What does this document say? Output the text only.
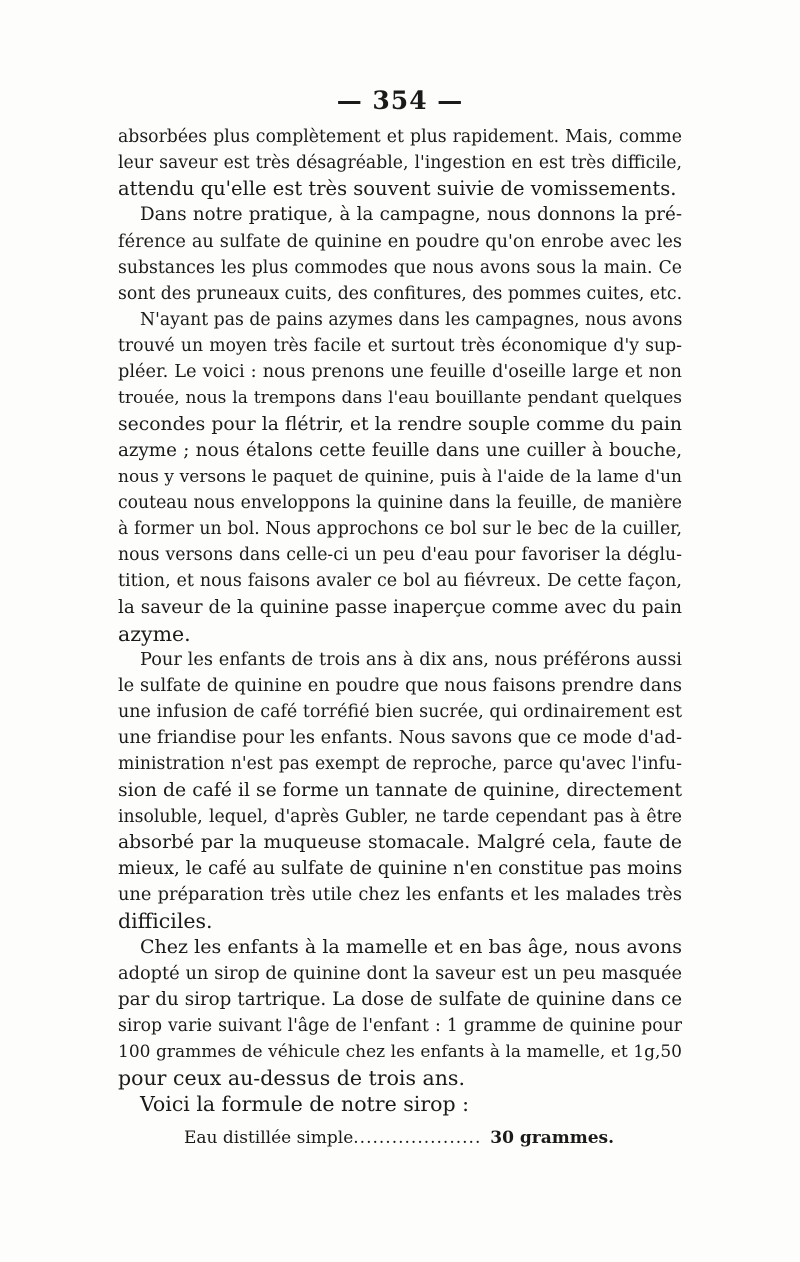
— 354 —
absorbées plus complètement et plus rapidement. Mais, comme
leur saveur est très désagréable, l'ingestion en est très difficile,
attendu qu'elle est très souvent suivie de vomissements.
Dans notre pratique, à la campagne, nous donnons la pré-
férence au sulfate de quinine en poudre qu'on enrobe avec les
substances les plus commodes que nous avons sous la main. Ce
sont des pruneaux cuits, des confitures, des pommes cuites, etc.
N'ayant pas de pains azymes dans les campagnes, nous avons
trouvé un moyen très facile et surtout très économique d'y sup-
pléer. Le voici : nous prenons une feuille d'oseille large et non
trouée, nous la trempons dans l'eau bouillante pendant quelques
secondes pour la flétrir, et la rendre souple comme du pain
azyme ; nous étalons cette feuille dans une cuiller à bouche,
nous y versons le paquet de quinine, puis à l'aide de la lame d'un
couteau nous enveloppons la quinine dans la feuille, de manière
à former un bol. Nous approchons ce bol sur le bec de la cuiller,
nous versons dans celle-ci un peu d'eau pour favoriser la déglu-
tition, et nous faisons avaler ce bol au fiévreux. De cette façon,
la saveur de la quinine passe inaperçue comme avec du pain
azyme.
Pour les enfants de trois ans à dix ans, nous préférons aussi
le sulfate de quinine en poudre que nous faisons prendre dans
une infusion de café torréfié bien sucrée, qui ordinairement est
une friandise pour les enfants. Nous savons que ce mode d'ad-
ministration n'est pas exempt de reproche, parce qu'avec l'infu-
sion de café il se forme un tannate de quinine, directement
insoluble, lequel, d'après Gubler, ne tarde cependant pas à être
absorbé par la muqueuse stomacale. Malgré cela, faute de
mieux, le café au sulfate de quinine n'en constitue pas moins
une préparation très utile chez les enfants et les malades très
difficiles.
Chez les enfants à la mamelle et en bas âge, nous avons
adopté un sirop de quinine dont la saveur est un peu masquée
par du sirop tartrique. La dose de sulfate de quinine dans ce
sirop varie suivant l'âge de l'enfant : 1 gramme de quinine pour
100 grammes de véhicule chez les enfants à la mamelle, et 1g,50
pour ceux au-dessus de trois ans.
Voici la formule de notre sirop :
Eau distillée simple .................... 30 grammes.
